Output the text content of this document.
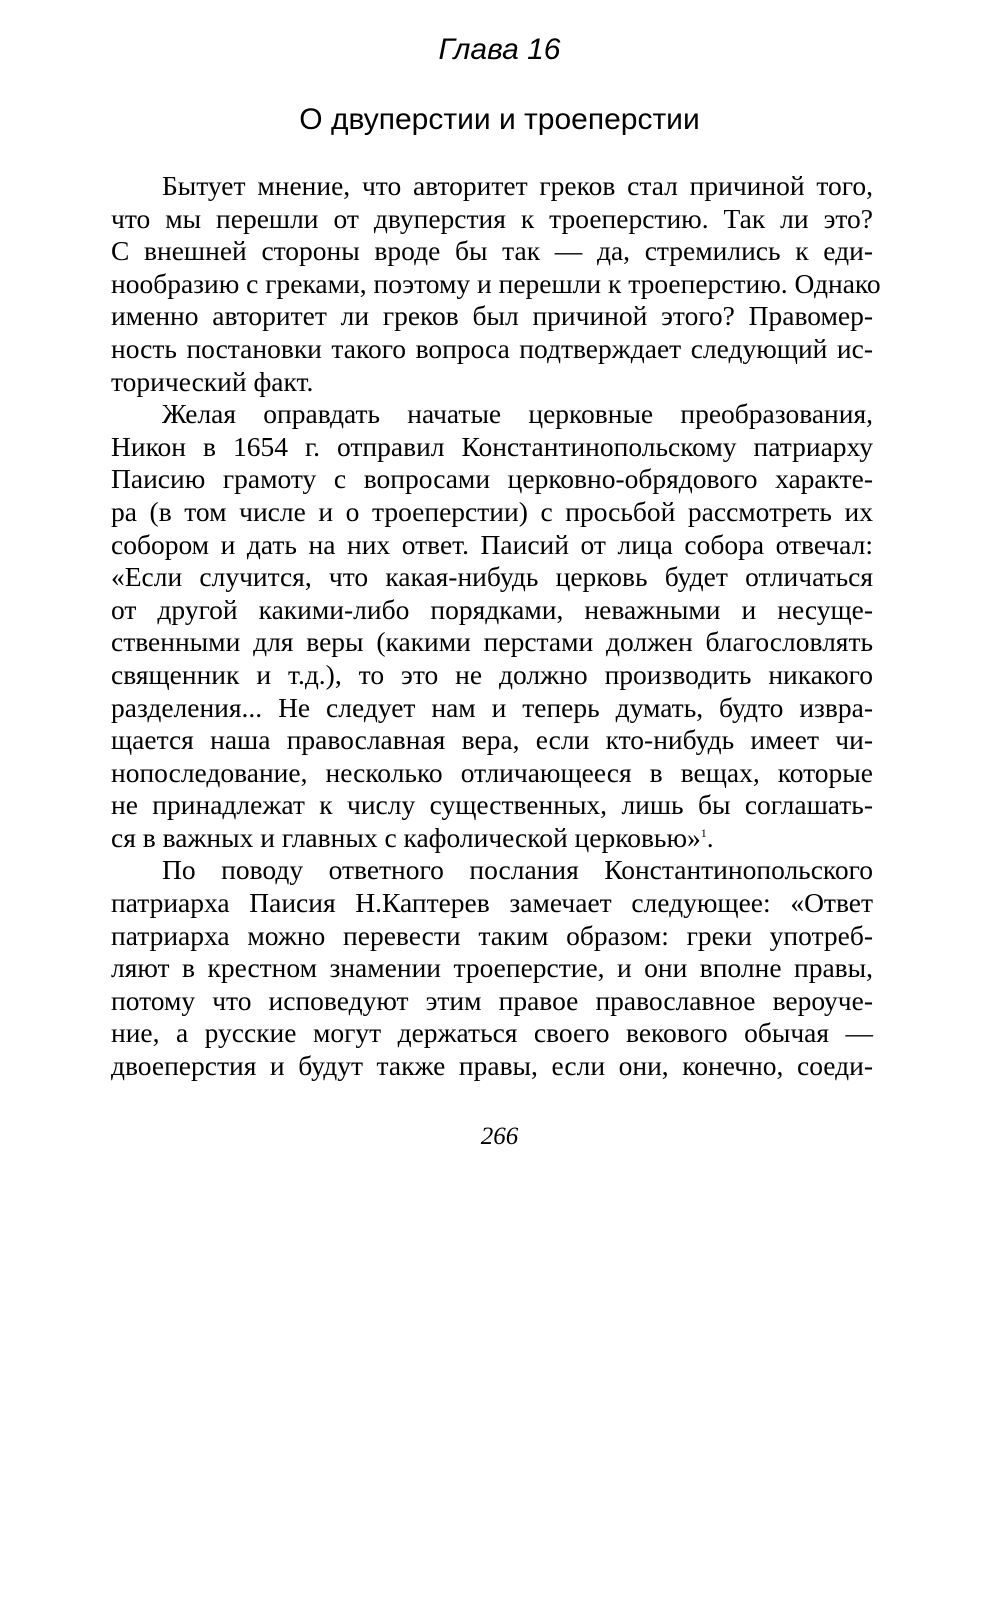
Глава 16
О двуперстии и троеперстии

Бытует мнение, что авторитет греков стал причиной того,
что мы перешли от двуперстия к троеперстию. Так ли это?
С внешней стороны вроде бы так — да, стремились к еди-
нообразию с греками, поэтому и перешли к троеперстию. Однако
именно авторитет ли греков был причиной этого? Правомер-
ность постановки такого вопроса подтверждает следующий ис-
торический факт.

Желая оправдать начатые церковные преобразования,
Никон в 1654 г. отправил Константинопольскому патриарху
Паисию грамоту с вопросами церковно-обрядового характе-
ра (в том числе и о троеперстии) с просьбой рассмотреть их
собором и дать на них ответ. Паисий от лица собора отвечал:
«Если случится, что какая-нибудь церковь будет отличаться
от другой какими-либо порядками, неважными и несуще-
ственными для веры (какими перстами должен благословлять
священник и т.д.), то это не должно производить никакого
разделения... Не следует нам и теперь думать, будто извра-
щается наша православная вера, если кто-нибудь имеет чи-
нопоследование, несколько отличающееся в вещах, которые
не принадлежат к числу существенных, лишь бы соглашать-
ся в важных и главных с кафолической церковью»$^1$.

По поводу ответного послания Константинопольского
патриарха Паисия Н.Каптерев замечает следующее: «Ответ
патриарха можно перевести таким образом: греки употреб-
ляют в крестном знамении троеперстие, и они вполне правы,
потому что исповедуют этим правое православное вероуче-
ние, а русские могут держаться своего векового обычая —
двоеперстия и будут также правы, если они, конечно, соеди-

266
